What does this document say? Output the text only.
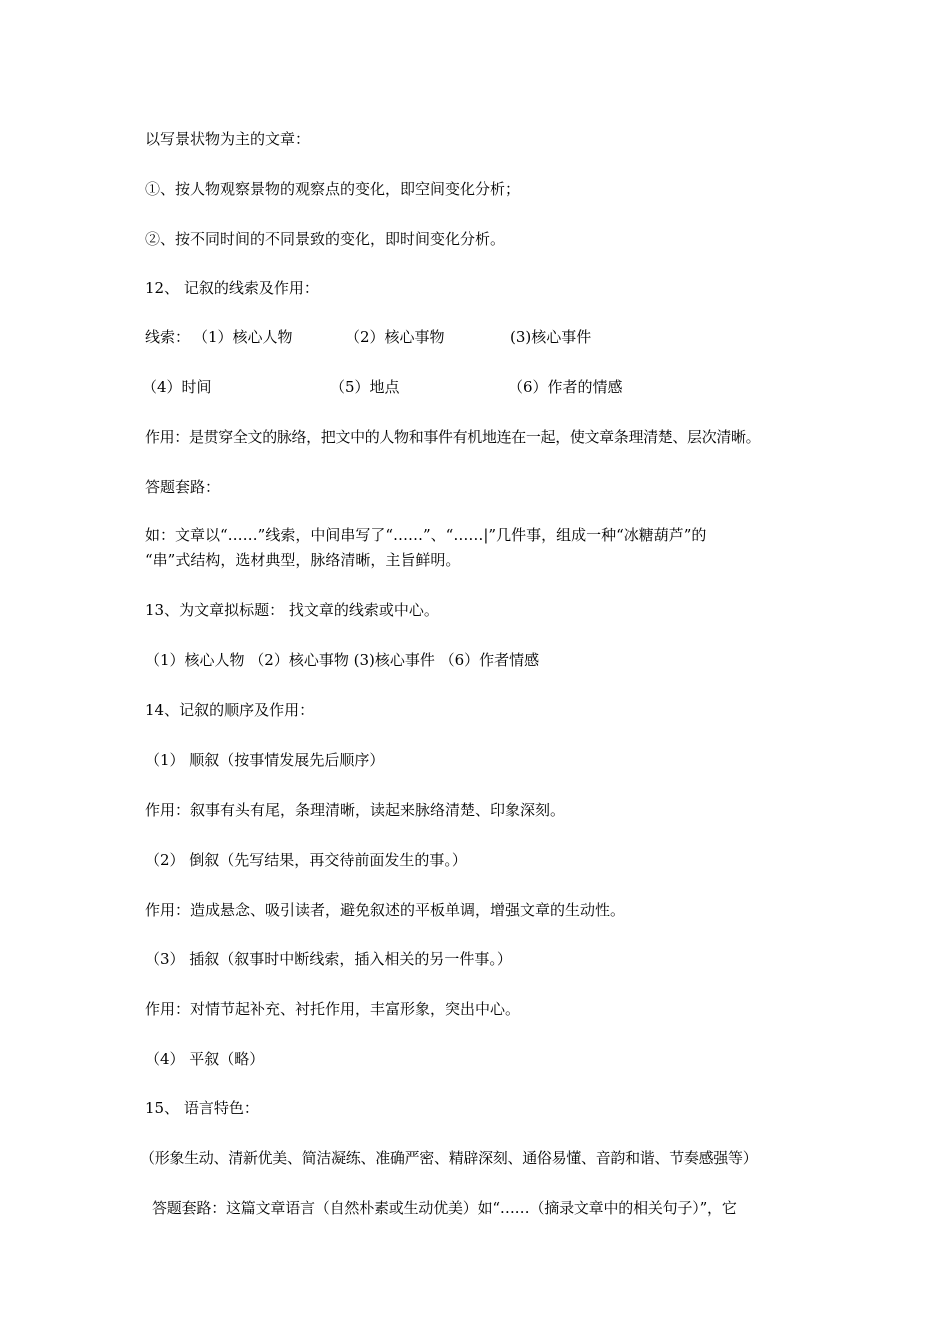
以写景状物为主的文章：
①、按人物观察景物的观察点的变化，即空间变化分析；
②、按不同时间的不同景致的变化，即时间变化分析。
12、 记叙的线索及作用：
线索： （1）核心人物	（2）核心事物	(3)核心事件
（4）时间	（5）地点	（6）作者的情感
作用：是贯穿全文的脉络，把文中的人物和事件有机地连在一起，使文章条理清楚、层次清晰。
答题套路：
如：文章以“……”线索，中间串写了“……”、“……|”几件事，组成一种“冰糖葫芦”的
“串”式结构，选材典型，脉络清晰，主旨鲜明。
13、为文章拟标题： 找文章的线索或中心。
（1）核心人物 （2）核心事物 (3)核心事件 （6）作者情感
14、记叙的顺序及作用：
（1） 顺叙（按事情发展先后顺序）
作用：叙事有头有尾，条理清晰，读起来脉络清楚、印象深刻。
（2） 倒叙（先写结果，再交待前面发生的事。）
作用：造成悬念、吸引读者，避免叙述的平板单调，增强文章的生动性。
（3） 插叙（叙事时中断线索，插入相关的另一件事。）
作用：对情节起补充、衬托作用，丰富形象，突出中心。
（4） 平叙（略）
15、 语言特色：
（形象生动、清新优美、简洁凝练、准确严密、精辟深刻、通俗易懂、音韵和谐、节奏感强等）
答题套路：这篇文章语言（自然朴素或生动优美）如“……（摘录文章中的相关句子）”，它
